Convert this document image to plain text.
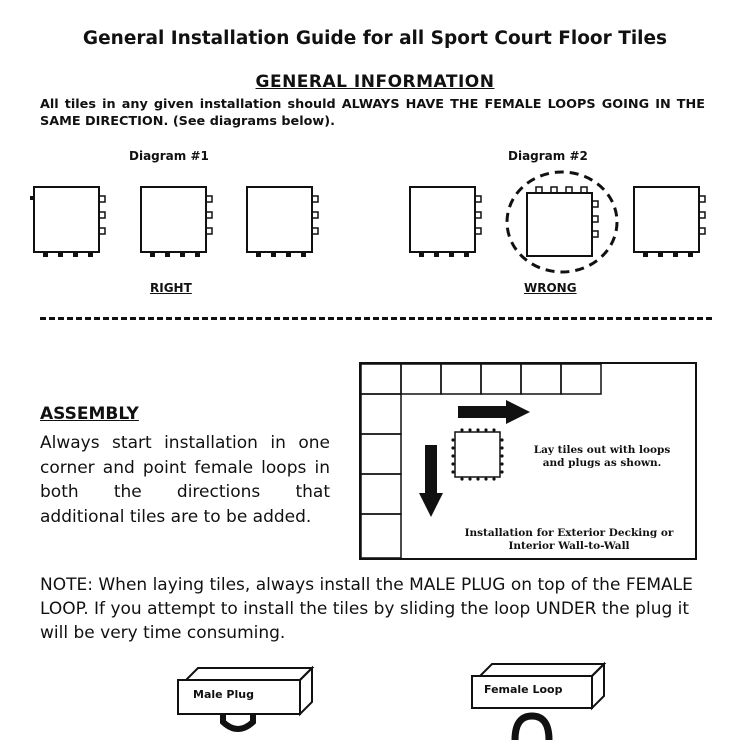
General Installation Guide for all Sport Court Floor Tiles
GENERAL INFORMATION
All tiles in any given installation should ALWAYS HAVE THE FEMALE LOOPS GOING IN THE SAME DIRECTION. (See diagrams below).
Diagram #1	Diagram #2
RIGHT	WRONG
ASSEMBLY
Always start installation in one corner and point female loops in both the directions that additional tiles are to be added.
Lay tiles out with loops
and plugs as shown.
Installation for Exterior Decking or
Interior Wall-to-Wall
NOTE: When laying tiles, always install the MALE PLUG on top of the FEMALE LOOP. If you attempt to install the tiles by sliding the loop UNDER the plug it will be very time consuming.
Male Plug	Female Loop
